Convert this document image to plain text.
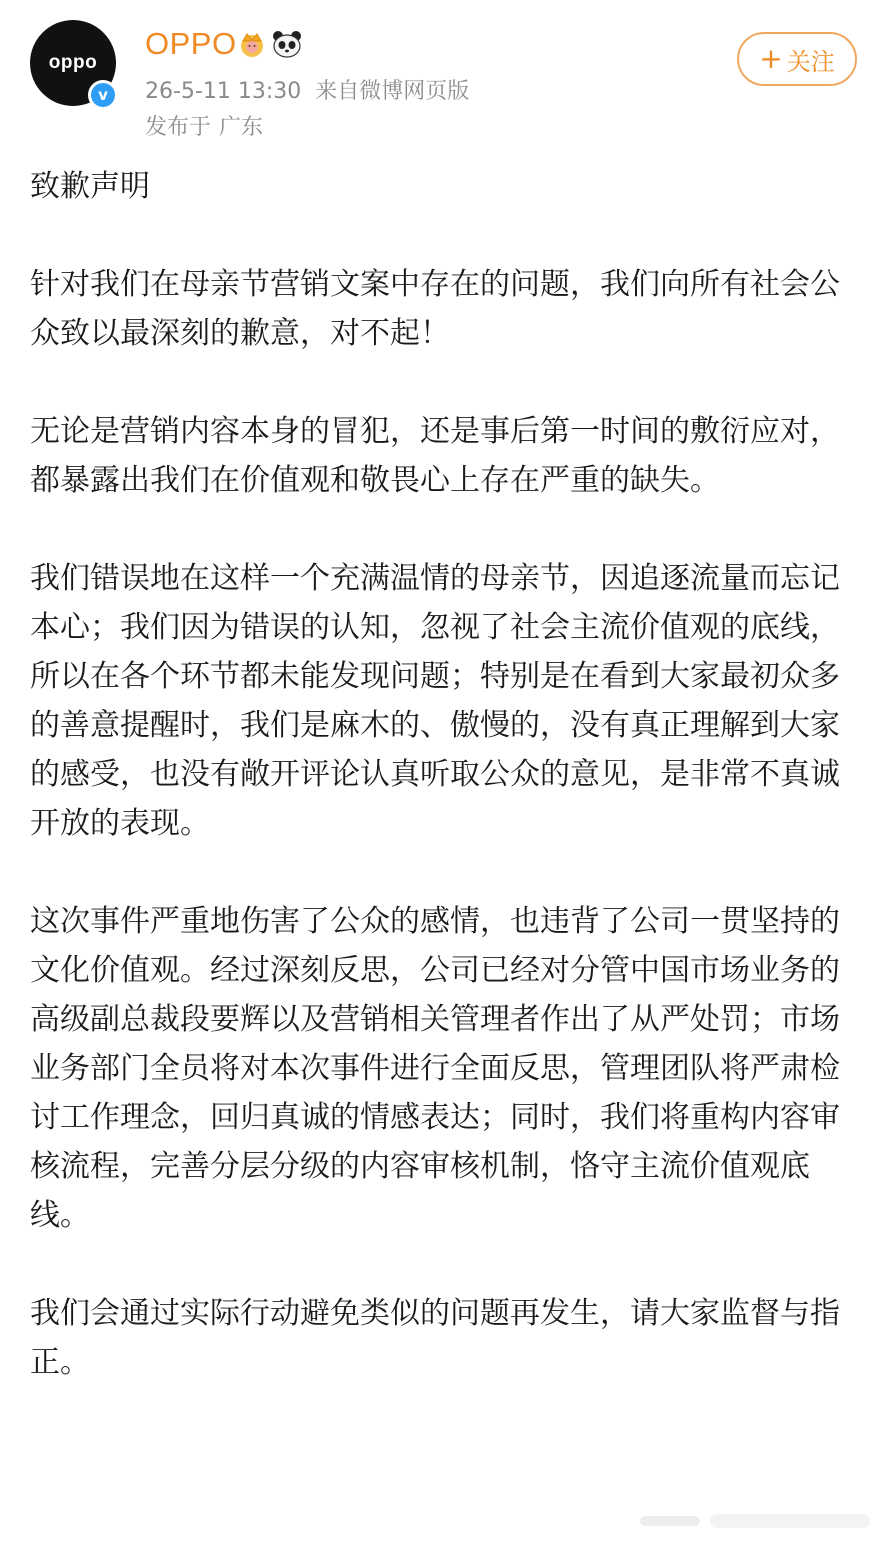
oppo
v
OPPO
26-5-11 13:30 来自微博网页版
发布于 广东
+ 关注

致歉声明

针对我们在母亲节营销文案中存在的问题，我们向所有社会公众致以最深刻的歉意，对不起！

无论是营销内容本身的冒犯，还是事后第一时间的敷衍应对，都暴露出我们在价值观和敬畏心上存在严重的缺失。

我们错误地在这样一个充满温情的母亲节，因追逐流量而忘记本心；我们因为错误的认知，忽视了社会主流价值观的底线，所以在各个环节都未能发现问题；特别是在看到大家最初众多的善意提醒时，我们是麻木的、傲慢的，没有真正理解到大家的感受，也没有敞开评论认真听取公众的意见，是非常不真诚开放的表现。

这次事件严重地伤害了公众的感情，也违背了公司一贯坚持的文化价值观。经过深刻反思，公司已经对分管中国市场业务的高级副总裁段要辉以及营销相关管理者作出了从严处罚；市场业务部门全员将对本次事件进行全面反思，管理团队将严肃检讨工作理念，回归真诚的情感表达；同时，我们将重构内容审核流程，完善分层分级的内容审核机制，恪守主流价值观底线。

我们会通过实际行动避免类似的问题再发生，请大家监督与指正。
